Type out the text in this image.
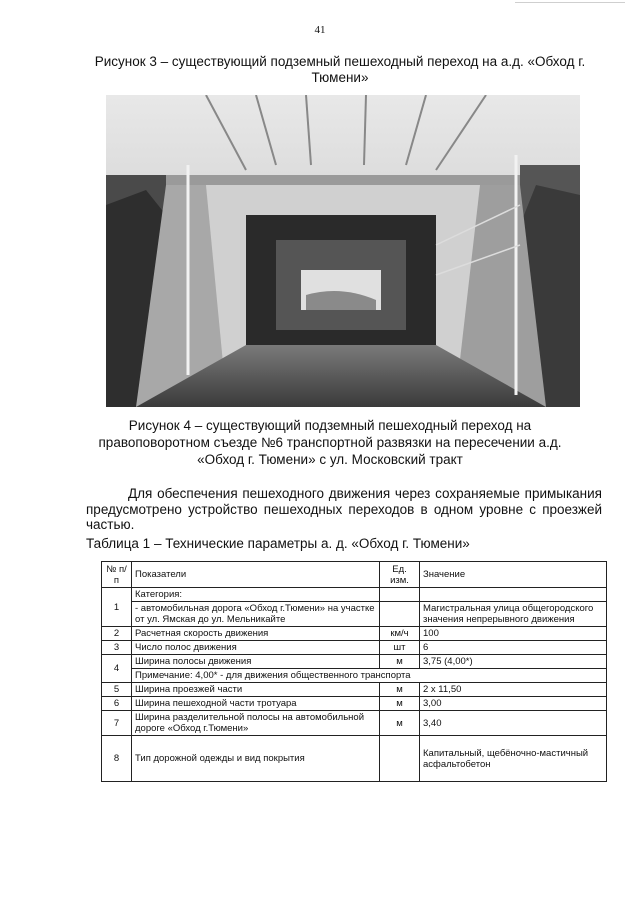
41
Рисунок 3 – существующий подземный пешеходный переход на а.д. «Обход г. Тюмени»
Рисунок 4 – существующий подземный пешеходный переход на правоповоротном съезде №6 транспортной развязки на пересечении а.д. «Обход г. Тюмени» с ул. Московский тракт
Для обеспечения пешеходного движения через сохраняемые примыкания предусмотрено устройство пешеходных переходов в одном уровне с проезжей частью.
Таблица 1 – Технические параметры а. д. «Обход г. Тюмени»
№ п/п	Показатели	Ед. изм.	Значение
1	Категория:		
	- автомобильная дорога «Обход г.Тюмени» на участке от ул. Ямская до ул. Мельникайте		Магистральная улица общегородского значения непрерывного движения
2	Расчетная скорость движения	км/ч	100
3	Число полос движения	шт	6
4	Ширина полосы движения	м	3,75 (4,00*)
	Примечание: 4,00* - для движения общественного транспорта		
5	Ширина проезжей части	м	2 х 11,50
6	Ширина пешеходной части тротуара	м	3,00
7	Ширина разделительной полосы на автомобильной дороге «Обход г.Тюмени»	м	3,40
8	Тип дорожной одежды и вид покрытия		Капитальный, щебёночно-мастичный асфальтобетон
